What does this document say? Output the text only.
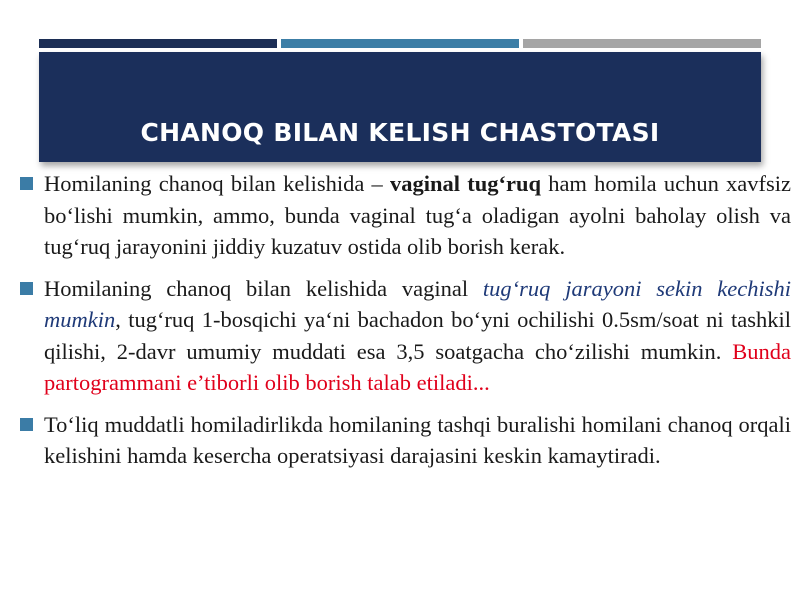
CHANOQ BILAN KELISH CHASTOTASI
Homilaning chanoq bilan kelishida – vaginal tug‘ruq ham homila uchun xavfsiz bo‘lishi mumkin, ammo, bunda vaginal tug‘a oladigan ayolni baholay olish va tug‘ruq jarayonini jiddiy kuzatuv ostida olib borish kerak.
Homilaning chanoq bilan kelishida vaginal tug‘ruq jarayoni sekin kechishi mumkin, tug‘ruq 1-bosqichi ya‘ni bachadon bo‘yni ochilishi 0.5sm/soat ni tashkil qilishi, 2-davr umumiy muddati esa 3,5 soatgacha cho‘zilishi mumkin. Bunda partogrammani e’tiborli olib borish talab etiladi...
To‘liq muddatli homiladirlikda homilaning tashqi buralishi homilani chanoq orqali kelishini hamda kesercha operatsiyasi darajasini keskin kamaytiradi.
